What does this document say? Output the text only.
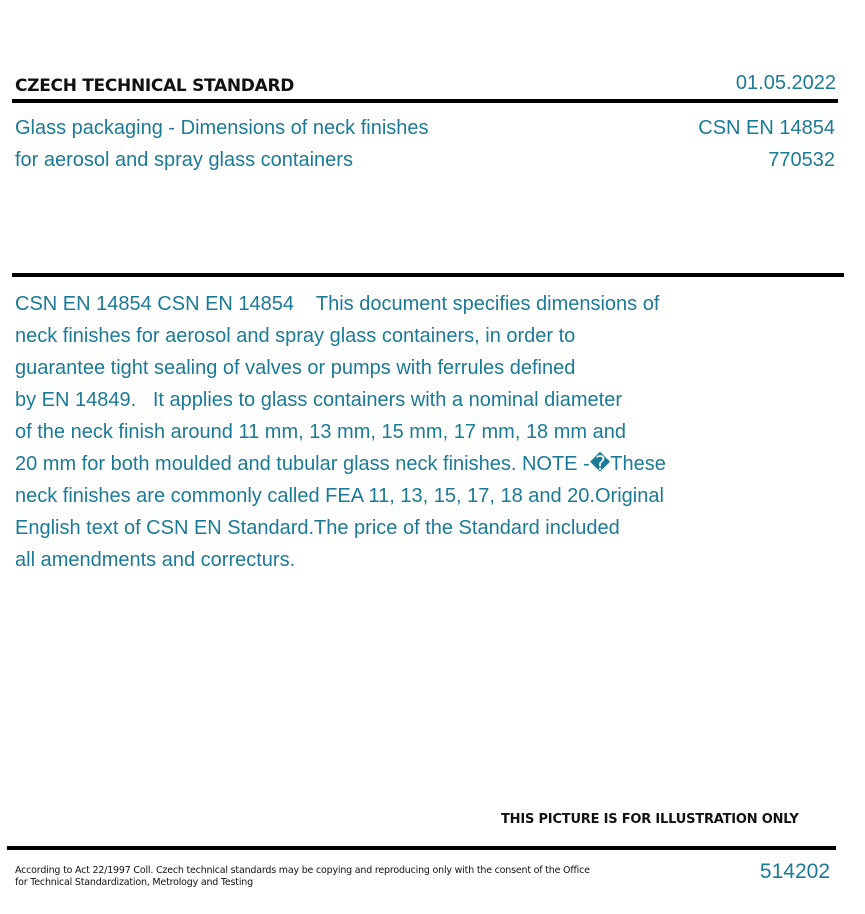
CZECH TECHNICAL STANDARD	01.05.2022
Glass packaging - Dimensions of neck finishes
for aerosol and spray glass containers
CSN EN 14854
770532
CSN EN 14854 CSN EN 14854    This document specifies dimensions of
neck finishes for aerosol and spray glass containers, in order to
guarantee tight sealing of valves or pumps with ferrules defined
by EN 14849.   It applies to glass containers with a nominal diameter
of the neck finish around 11 mm, 13 mm, 15 mm, 17 mm, 18 mm and
20 mm for both moulded and tubular glass neck finishes. NOTE -�These
neck finishes are commonly called FEA 11, 13, 15, 17, 18 and 20.Original
English text of CSN EN Standard.The price of the Standard included
all amendments and correcturs.
THIS PICTURE IS FOR ILLUSTRATION ONLY
According to Act 22/1997 Coll. Czech technical standards may be copying and reproducing only with the consent of the Office
for Technical Standardization, Metrology and Testing	514202
